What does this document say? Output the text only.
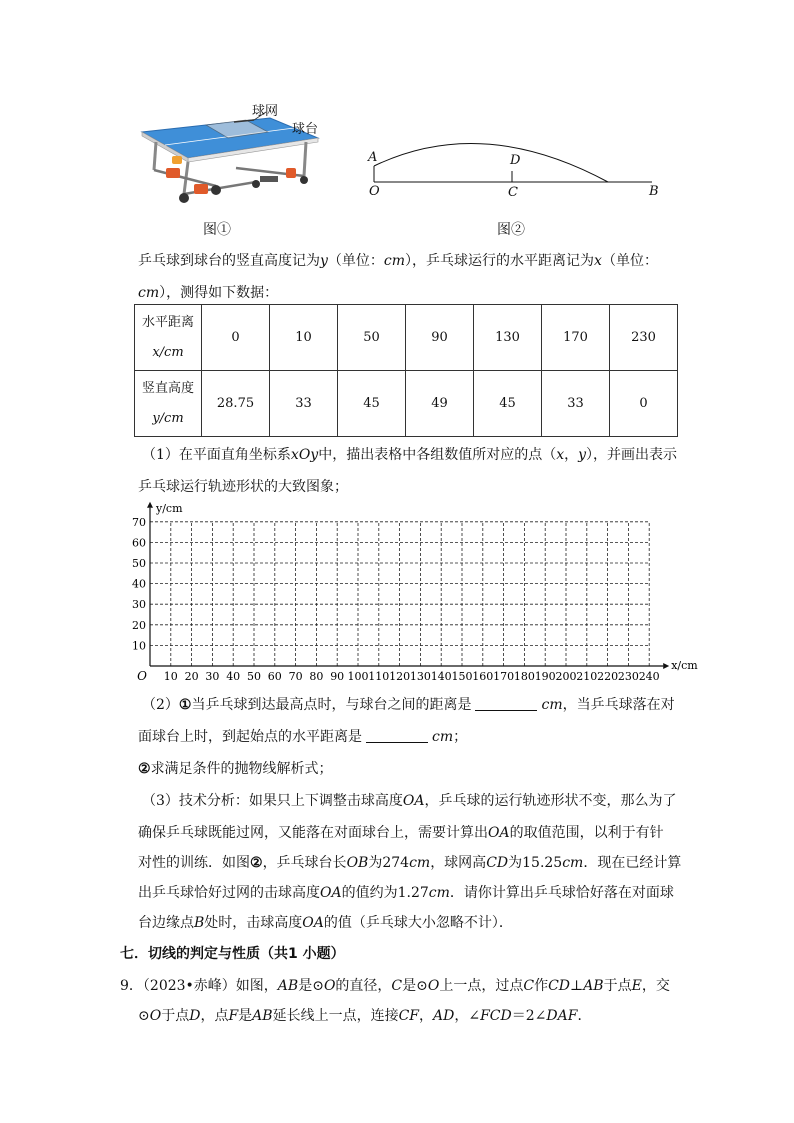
球网
球台
图①
A	D
O	C	B
图②
乒乓球到球台的竖直高度记为y（单位：cm），乒乓球运行的水平距离记为x（单位：
cm），测得如下数据：
水平距离
x/cm	0	10	50	90	130	170	230
竖直高度
y/cm	28.75	33	45	49	45	33	0
（1）在平面直角坐标系xOy中，描出表格中各组数值所对应的点（x，y），并画出表示
乒乓球运行轨迹形状的大致图象；
10 20 30 40 50 60 70 80 90 100 110 120 130 140 150 160 170 180 190 200 210 220 230 240
10
20
30
40
50
60
70
O
x/cm
y/cm
（2）①当乒乓球到达最高点时，与球台之间的距离是	cm，当乒乓球落在对
面球台上时，到起始点的水平距离是	cm；
②求满足条件的抛物线解析式；
（3）技术分析：如果只上下调整击球高度OA，乒乓球的运行轨迹形状不变，那么为了
确保乒乓球既能过网，又能落在对面球台上，需要计算出OA的取值范围，以利于有针
对性的训练．如图②，乒乓球台长OB为274cm，球网高CD为15.25cm．现在已经计算
出乒乓球恰好过网的击球高度OA的值约为1.27cm．请你计算出乒乓球恰好落在对面球
台边缘点B处时，击球高度OA的值（乒乓球大小忽略不计）．
七．切线的判定与性质（共1 小题）
9．（2023•赤峰）如图，AB是⊙O的直径，C是⊙O上一点，过点C作CD⊥AB于点E，交
⊙O于点D，点F是AB延长线上一点，连接CF，AD，∠FCD＝2∠DAF．
